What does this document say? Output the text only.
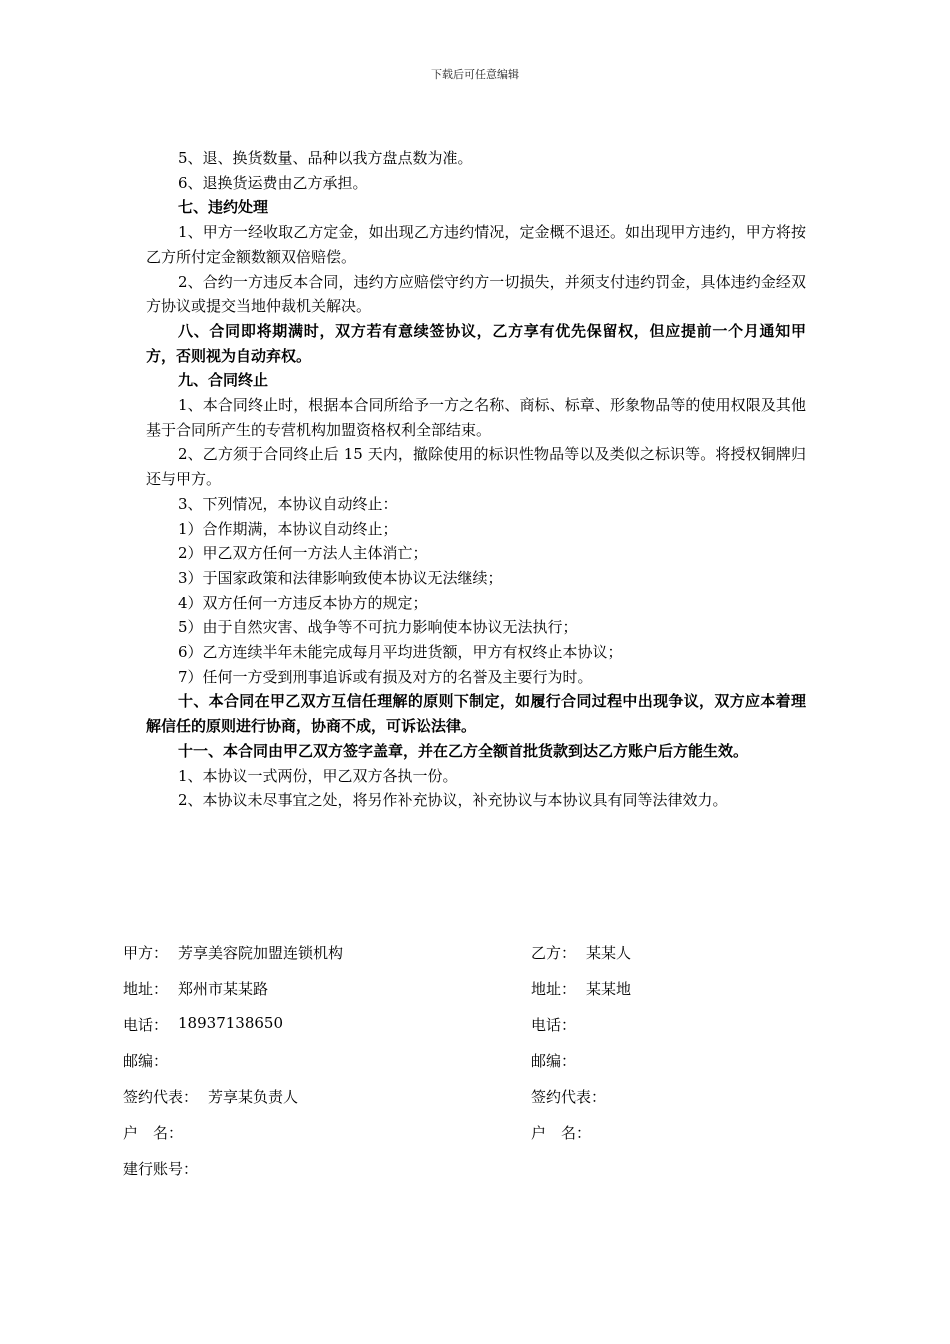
下载后可任意编辑

5、退、换货数量、品种以我方盘点数为准。

6、退换货运费由乙方承担。

七、违约处理

1、甲方一经收取乙方定金，如出现乙方违约情况，定金概不退还。如出现甲方违约，甲方将按乙方所付定金额数额双倍赔偿。

2、合约一方违反本合同，违约方应赔偿守约方一切损失，并须支付违约罚金，具体违约金经双方协议或提交当地仲裁机关解决。

八、合同即将期满时，双方若有意续签协议，乙方享有优先保留权，但应提前一个月通知甲方，否则视为自动弃权。

九、合同终止

1、本合同终止时，根据本合同所给予一方之名称、商标、标章、形象物品等的使用权限及其他基于合同所产生的专营机构加盟资格权利全部结束。

2、乙方须于合同终止后 15 天内，撤除使用的标识性物品等以及类似之标识等。将授权铜牌归还与甲方。

3、下列情况，本协议自动终止：

1）合作期满，本协议自动终止；

2）甲乙双方任何一方法人主体消亡；

3）于国家政策和法律影响致使本协议无法继续；

4）双方任何一方违反本协方的规定；

5）由于自然灾害、战争等不可抗力影响使本协议无法执行；

6）乙方连续半年未能完成每月平均进货额，甲方有权终止本协议；

7）任何一方受到刑事追诉或有损及对方的名誉及主要行为时。

十、本合同在甲乙双方互信任理解的原则下制定，如履行合同过程中出现争议，双方应本着理解信任的原则进行协商，协商不成，可诉讼法律。

十一、本合同由甲乙双方签字盖章，并在乙方全额首批货款到达乙方账户后方能生效。

1、本协议一式两份，甲乙双方各执一份。

2、本协议未尽事宜之处，将另作补充协议，补充协议与本协议具有同等法律效力。

甲方： 芳享美容院加盟连锁机构	乙方： 某某人
地址： 郑州市某某路	地址： 某某地
电话： 18937138650	电话：
邮编：	邮编：
签约代表： 芳享某负责人	签约代表：
户　名：	户　名：
建行账号：
